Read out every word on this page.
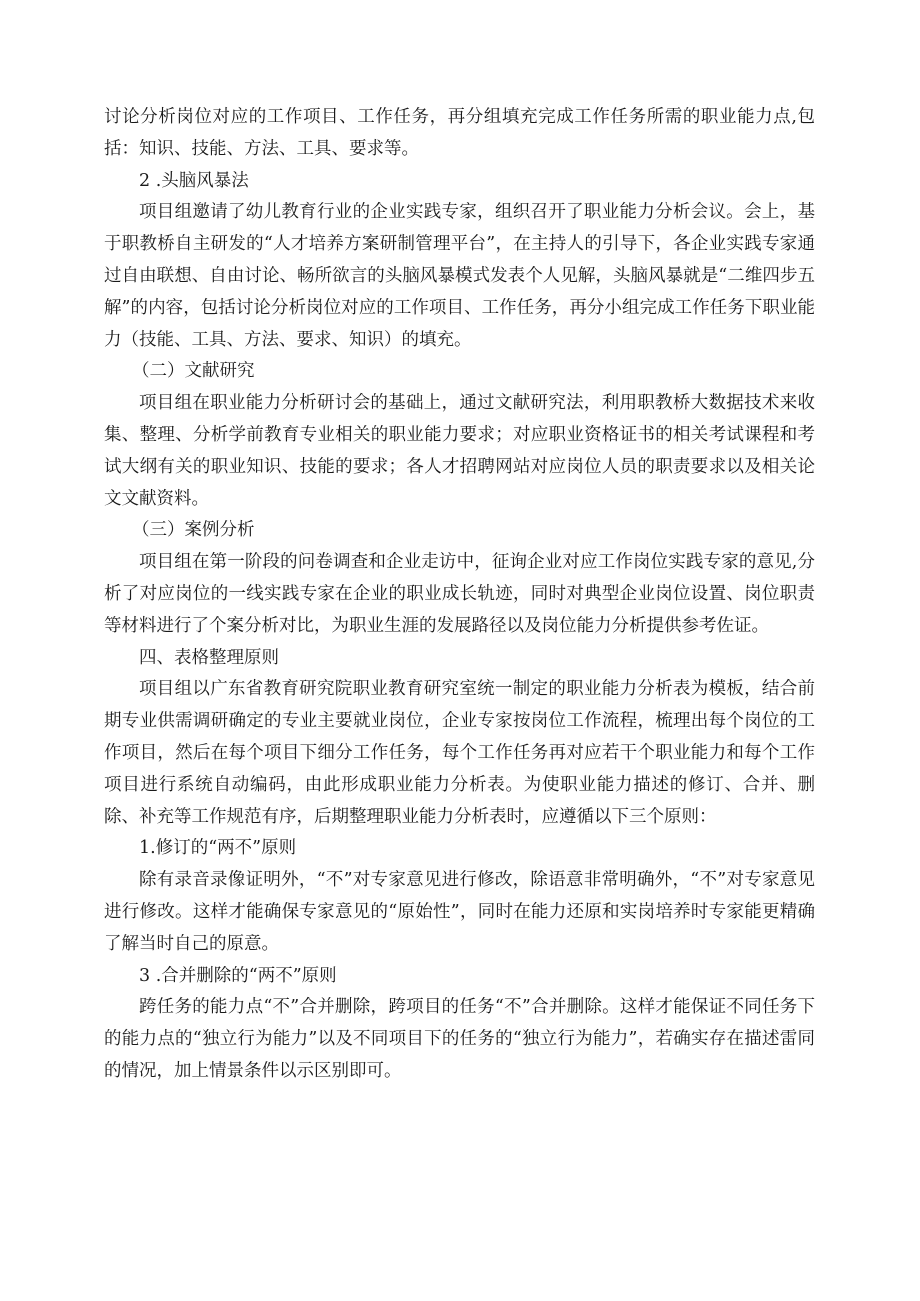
讨论分析岗位对应的工作项目、工作任务，再分组填充完成工作任务所需的职业能力点,包括：知识、技能、方法、工具、要求等。

2 .头脑风暴法

项目组邀请了幼儿教育行业的企业实践专家，组织召开了职业能力分析会议。会上，基于职教桥自主研发的“人才培养方案研制管理平台”，在主持人的引导下，各企业实践专家通过自由联想、自由讨论、畅所欲言的头脑风暴模式发表个人见解，头脑风暴就是“二维四步五解”的内容，包括讨论分析岗位对应的工作项目、工作任务，再分小组完成工作任务下职业能力（技能、工具、方法、要求、知识）的填充。

（二）文献研究

项目组在职业能力分析研讨会的基础上，通过文献研究法，利用职教桥大数据技术来收集、整理、分析学前教育专业相关的职业能力要求；对应职业资格证书的相关考试课程和考试大纲有关的职业知识、技能的要求；各人才招聘网站对应岗位人员的职责要求以及相关论文文献资料。

（三）案例分析

项目组在第一阶段的问卷调查和企业走访中，征询企业对应工作岗位实践专家的意见,分析了对应岗位的一线实践专家在企业的职业成长轨迹，同时对典型企业岗位设置、岗位职责等材料进行了个案分析对比，为职业生涯的发展路径以及岗位能力分析提供参考佐证。

四、表格整理原则

项目组以广东省教育研究院职业教育研究室统一制定的职业能力分析表为模板，结合前期专业供需调研确定的专业主要就业岗位，企业专家按岗位工作流程，梳理出每个岗位的工作项目，然后在每个项目下细分工作任务，每个工作任务再对应若干个职业能力和每个工作项目进行系统自动编码，由此形成职业能力分析表。为使职业能力描述的修订、合并、删除、补充等工作规范有序，后期整理职业能力分析表时，应遵循以下三个原则：

1.修订的“两不”原则

除有录音录像证明外，“不”对专家意见进行修改，除语意非常明确外，“不”对专家意见进行修改。这样才能确保专家意见的“原始性”，同时在能力还原和实岗培养时专家能更精确了解当时自己的原意。

3 .合并删除的“两不”原则

跨任务的能力点“不”合并删除，跨项目的任务“不”合并删除。这样才能保证不同任务下的能力点的“独立行为能力”以及不同项目下的任务的“独立行为能力”，若确实存在描述雷同的情况，加上情景条件以示区别即可。
